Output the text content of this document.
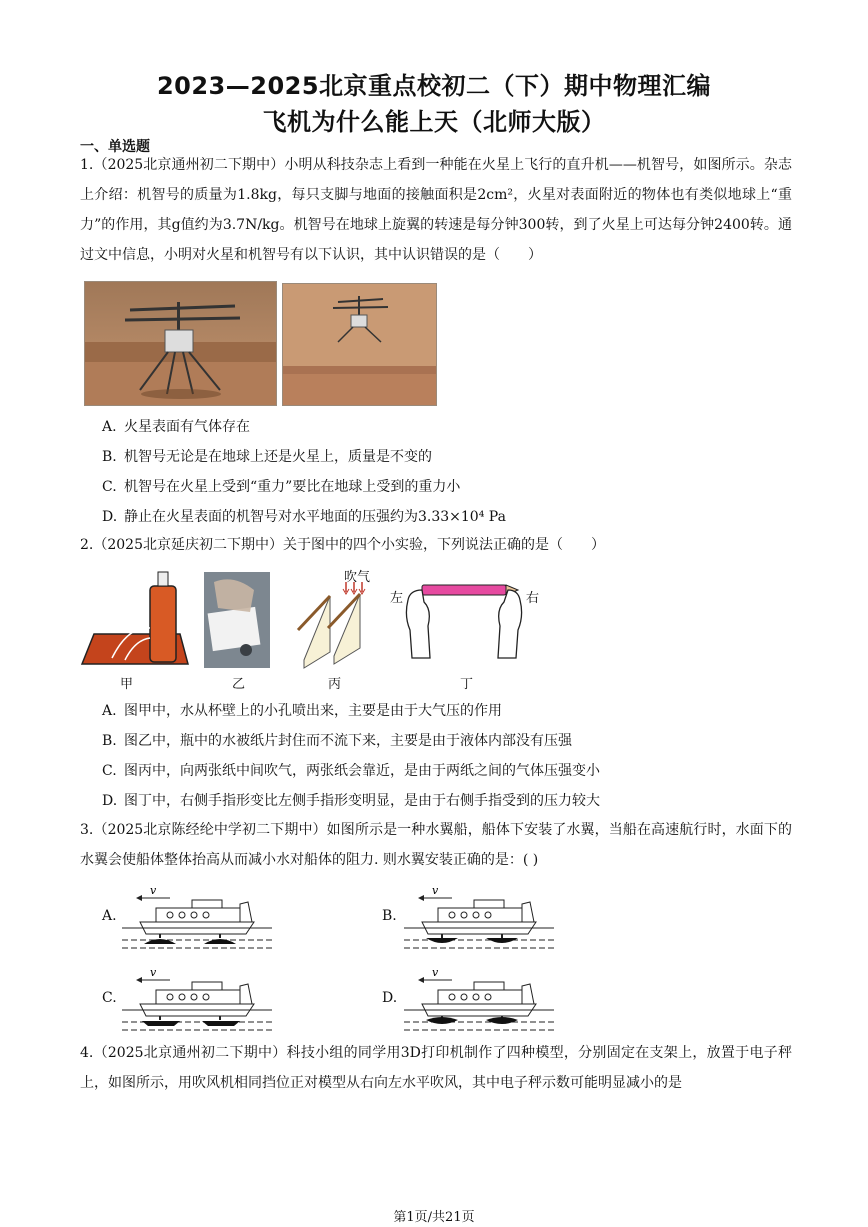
2023—2025北京重点校初二（下）期中物理汇编
飞机为什么能上天（北师大版）
一、单选题
1.（2025北京通州初二下期中）小明从科技杂志上看到一种能在火星上飞行的直升机——机智号，如图所示。杂志上介绍：机智号的质量为1.8kg，每只支脚与地面的接触面积是2cm²，火星对表面附近的物体也有类似地球上“重力”的作用，其g值约为3.7N/kg。机智号在地球上旋翼的转速是每分钟300转，到了火星上可达每分钟2400转。通过文中信息，小明对火星和机智号有以下认识，其中认识错误的是（　　）
A. 火星表面有气体存在
B. 机智号无论是在地球上还是火星上，质量是不变的
C. 机智号在火星上受到“重力”要比在地球上受到的重力小
D. 静止在火星表面的机智号对水平地面的压强约为3.33×10⁴ Pa
2.（2025北京延庆初二下期中）关于图中的四个小实验，下列说法正确的是（　　）
甲	乙
吹气
丙
左	右
丁
A. 图甲中，水从杯壁上的小孔喷出来，主要是由于大气压的作用
B. 图乙中，瓶中的水被纸片封住而不流下来，主要是由于液体内部没有压强
C. 图丙中，向两张纸中间吹气，两张纸会靠近，是由于两纸之间的气体压强变小
D. 图丁中，右侧手指形变比左侧手指形变明显，是由于右侧手指受到的压力较大
3.（2025北京陈经纶中学初二下期中）如图所示是一种水翼船，船体下安装了水翼，当船在高速航行时，水面下的水翼会使船体整体抬高从而减小水对船体的阻力. 则水翼安装正确的是：( )
A.	B.
C.	D.
v	v
v	v
4.（2025北京通州初二下期中）科技小组的同学用3D打印机制作了四种模型，分别固定在支架上，放置于电子秤上，如图所示，用吹风机相同挡位正对模型从右向左水平吹风，其中电子秤示数可能明显减小的是
第1页/共21页
